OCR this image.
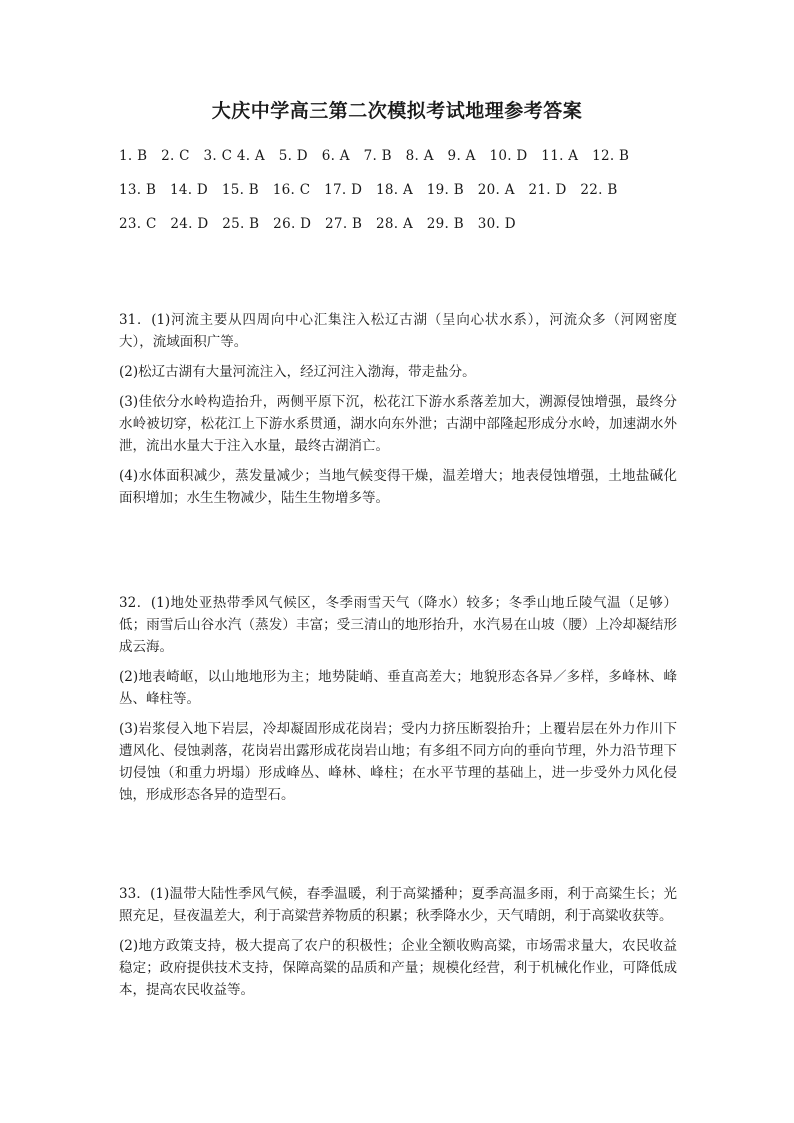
大庆中学高三第二次模拟考试地理参考答案
1. B   2. C   3. C 4. A   5. D   6. A   7. B   8. A   9. A   10. D   11. A   12. B
13. B   14. D   15. B   16. C   17. D   18. A   19. B   20. A   21. D   22. B
23. C   24. D   25. B   26. D   27. B   28. A   29. B   30. D

31．(1)河流主要从四周向中心汇集注入松辽古湖（呈向心状水系），河流众多（河网密度大），流域面积广等。

(2)松辽古湖有大量河流注入，经辽河注入渤海，带走盐分。

(3)佳依分水岭构造抬升，两侧平原下沉，松花江下游水系落差加大，溯源侵蚀增强，最终分水岭被切穿，松花江上下游水系贯通，湖水向东外泄；古湖中部隆起形成分水岭，加速湖水外泄，流出水量大于注入水量，最终古湖消亡。

(4)水体面积减少，蒸发量减少；当地气候变得干燥，温差增大；地表侵蚀增强，土地盐碱化面积增加；水生生物减少，陆生生物增多等。

32．(1)地处亚热带季风气候区，冬季雨雪天气（降水）较多；冬季山地丘陵气温（足够）低；雨雪后山谷水汽（蒸发）丰富；受三清山的地形抬升，水汽易在山坡（腰）上冷却凝结形成云海。

(2)地表崎岖，以山地地形为主；地势陡峭、垂直高差大；地貌形态各异／多样，多峰林、峰丛、峰柱等。

(3)岩浆侵入地下岩层，冷却凝固形成花岗岩；受内力挤压断裂抬升；上覆岩层在外力作川下遭风化、侵蚀剥落，花岗岩出露形成花岗岩山地；有多组不同方向的垂向节理，外力沿节理下切侵蚀（和重力坍塌）形成峰丛、峰林、峰柱；在水平节理的基础上，进一步受外力风化侵蚀，形成形态各异的造型石。

33．(1)温带大陆性季风气候，春季温暖，利于高粱播种；夏季高温多雨，利于高粱生长；光照充足，昼夜温差大，利于高粱营养物质的积累；秋季降水少，天气晴朗，利于高粱收获等。

(2)地方政策支持，极大提高了农户的积极性；企业全额收购高粱，市场需求量大，农民收益稳定；政府提供技术支持，保障高粱的品质和产量；规模化经营，利于机械化作业，可降低成本，提高农民收益等。
